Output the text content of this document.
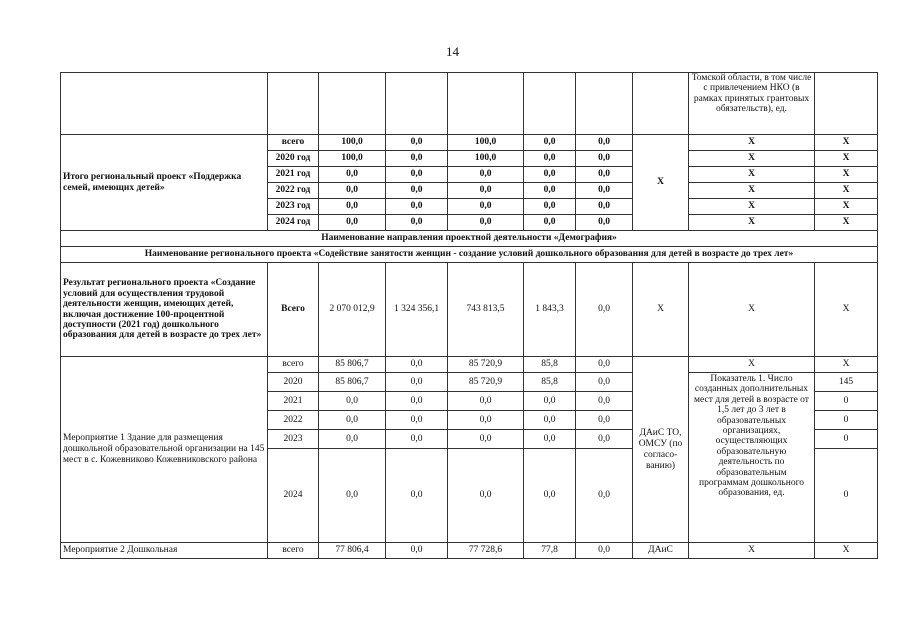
14
								Томской области, в том числе с привлечением НКО (в рамках принятых грантовых обязательств), ед.	
Итого региональный проект «Поддержка семей, имеющих детей»	всего	100,0	0,0	100,0	0,0	0,0	X	X	X
	2020 год	100,0	0,0	100,0	0,0	0,0		X	X
	2021 год	0,0	0,0	0,0	0,0	0,0		X	X
	2022 год	0,0	0,0	0,0	0,0	0,0		X	X
	2023 год	0,0	0,0	0,0	0,0	0,0		X	X
	2024 год	0,0	0,0	0,0	0,0	0,0		X	X
Наименование направления проектной деятельности «Демография»									
Наименование регионального проекта «Содействие занятости женщин - создание условий дошкольного образования для детей в возрасте до трех лет»									
Результат регионального проекта «Создание условий для осуществления трудовой деятельности женщин, имеющих детей, включая достижение 100-процентной доступности (2021 год) дошкольного образования для детей в возрасте до трех лет»	Всего	2 070 012,9	1 324 356,1	743 813,5	1 843,3	0,0	X	X	X
Мероприятие 1 Здание для размещения дошкольной образовательной организации на 145 мест в с. Кожевниково Кожевниковского района	всего	85 806,7	0,0	85 720,9	85,8	0,0	ДАиС ТО, ОМСУ (по согласо-ванию)	X	X
	2020	85 806,7	0,0	85 720,9	85,8	0,0		Показатель 1. Число созданных дополнительных мест для детей в возрасте от 1,5 лет до 3 лет в образовательных организациях, осуществляющих образовательную деятельность по образовательным программам дошкольного образования, ед.	145
	2021	0,0	0,0	0,0	0,0	0,0			0
	2022	0,0	0,0	0,0	0,0	0,0			0
	2023	0,0	0,0	0,0	0,0	0,0			0
	2024	0,0	0,0	0,0	0,0	0,0			0
Мероприятие 2 Дошкольная	всего	77 806,4	0,0	77 728,6	77,8	0,0	ДАиС	X	X
